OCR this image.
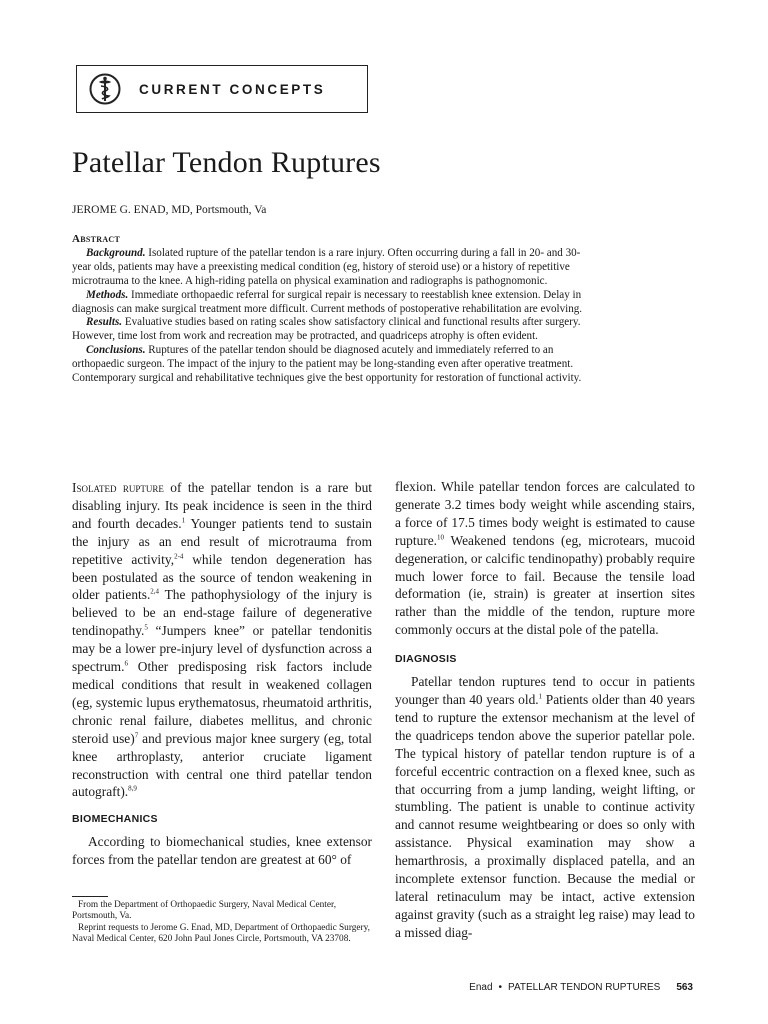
CURRENT CONCEPTS
Patellar Tendon Ruptures
JEROME G. ENAD, MD, Portsmouth, Va
Abstract

Background. Isolated rupture of the patellar tendon is a rare injury. Often occurring during a fall in 20- and 30-year olds, patients may have a preexisting medical condition (eg, history of steroid use) or a history of repetitive microtrauma to the knee. A high-riding patella on physical examination and radiographs is pathognomonic.

Methods. Immediate orthopaedic referral for surgical repair is necessary to reestablish knee extension. Delay in diagnosis can make surgical treatment more difficult. Current methods of postoperative rehabilitation are evolving.

Results. Evaluative studies based on rating scales show satisfactory clinical and functional results after surgery. However, time lost from work and recreation may be protracted, and quadriceps atrophy is often evident.

Conclusions. Ruptures of the patellar tendon should be diagnosed acutely and immediately referred to an orthopaedic surgeon. The impact of the injury to the patient may be long-standing even after operative treatment. Contemporary surgical and rehabilitative techniques give the best opportunity for restoration of functional activity.

Isolated rupture of the patellar tendon is a rare but disabling injury. Its peak incidence is seen in the third and fourth decades.$^1$ Younger patients tend to sustain the injury as an end result of microtrauma from repetitive activity,$^{2-4}$ while tendon degeneration has been postulated as the source of tendon weakening in older patients.$^{2,4}$ The pathophysiology of the injury is believed to be an end-stage failure of degenerative tendinopathy.$^5$ “Jumpers knee” or patellar tendonitis may be a lower pre-injury level of dysfunction across a spectrum.$^6$ Other predisposing risk factors include medical conditions that result in weakened collagen (eg, systemic lupus erythematosus, rheumatoid arthritis, chronic renal failure, diabetes mellitus, and chronic steroid use)$^7$ and previous major knee surgery (eg, total knee arthroplasty, anterior cruciate ligament reconstruction with central one third patellar tendon autograft).$^{8,9}$

BIOMECHANICS

According to biomechanical studies, knee extensor forces from the patellar tendon are greatest at 60° of

flexion. While patellar tendon forces are calculated to generate 3.2 times body weight while ascending stairs, a force of 17.5 times body weight is estimated to cause rupture.$^{10}$ Weakened tendons (eg, microtears, mucoid degeneration, or calcific tendinopathy) probably require much lower force to fail. Because the tensile load deformation (ie, strain) is greater at insertion sites rather than the middle of the tendon, rupture more commonly occurs at the distal pole of the patella.

DIAGNOSIS

Patellar tendon ruptures tend to occur in patients younger than 40 years old.$^1$ Patients older than 40 years tend to rupture the extensor mechanism at the level of the quadriceps tendon above the superior patellar pole. The typical history of patellar tendon rupture is of a forceful eccentric contraction on a flexed knee, such as that occurring from a jump landing, weight lifting, or stumbling. The patient is unable to continue activity and cannot resume weightbearing or does so only with assistance. Physical examination may show a hemarthrosis, a proximally displaced patella, and an incomplete extensor function. Because the medial or lateral retinaculum may be intact, active extension against gravity (such as a straight leg raise) may lead to a missed diag-

From the Department of Orthopaedic Surgery, Naval Medical Center, Portsmouth, Va.

Reprint requests to Jerome G. Enad, MD, Department of Orthopaedic Surgery, Naval Medical Center, 620 John Paul Jones Circle, Portsmouth, VA 23708.

Enad • PATELLAR TENDON RUPTURES 563
